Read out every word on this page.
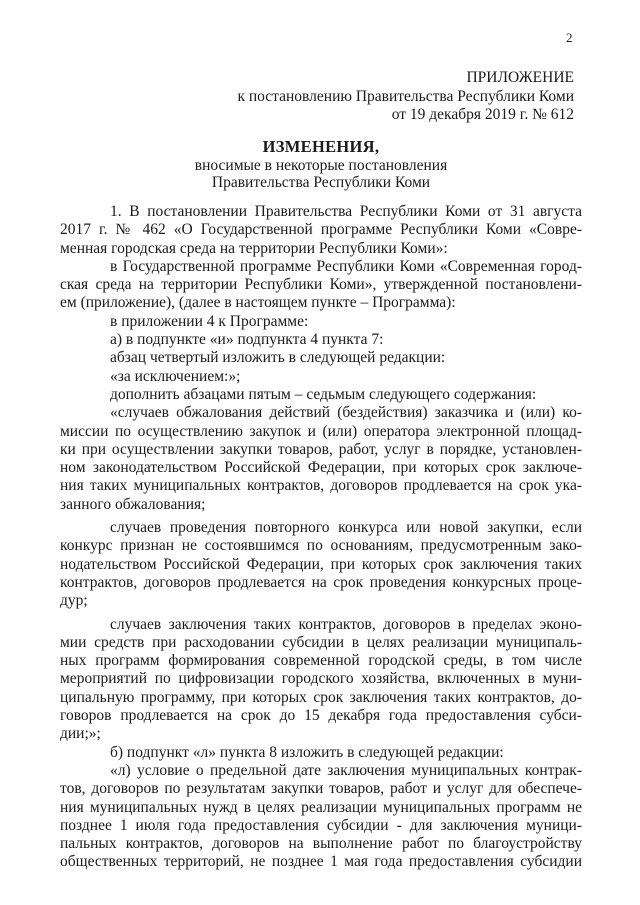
2
ПРИЛОЖЕНИЕ
к постановлению Правительства Республики Коми
от 19 декабря 2019 г. № 612
ИЗМЕНЕНИЯ,
вносимые в некоторые постановления
Правительства Республики Коми
1. В постановлении Правительства Республики Коми от 31 августа
2017 г. № 462 «О Государственной программе Республики Коми «Совре-
менная городская среда на территории Республики Коми»:
в Государственной программе Республики Коми «Современная город-
ская среда на территории Республики Коми», утвержденной постановлени-
ем (приложение), (далее в настоящем пункте – Программа):
в приложении 4 к Программе:
а) в подпункте «и» подпункта 4 пункта 7:
абзац четвертый изложить в следующей редакции:
«за исключением:»;
дополнить абзацами пятым – седьмым следующего содержания:
«случаев обжалования действий (бездействия) заказчика и (или) ко-
миссии по осуществлению закупок и (или) оператора электронной площад-
ки при осуществлении закупки товаров, работ, услуг в порядке, установлен-
ном законодательством Российской Федерации, при которых срок заключе-
ния таких муниципальных контрактов, договоров продлевается на срок ука-
занного обжалования;
случаев проведения повторного конкурса или новой закупки, если
конкурс признан не состоявшимся по основаниям, предусмотренным зако-
нодательством Российской Федерации, при которых срок заключения таких
контрактов, договоров продлевается на срок проведения конкурсных проце-
дур;
случаев заключения таких контрактов, договоров в пределах эконо-
мии средств при расходовании субсидии в целях реализации муниципаль-
ных программ формирования современной городской среды, в том числе
мероприятий по цифровизации городского хозяйства, включенных в муни-
ципальную программу, при которых срок заключения таких контрактов, до-
говоров продлевается на срок до 15 декабря года предоставления субси-
дии;»;
б) подпункт «л» пункта 8 изложить в следующей редакции:
«л) условие о предельной дате заключения муниципальных контрак-
тов, договоров по результатам закупки товаров, работ и услуг для обеспече-
ния муниципальных нужд в целях реализации муниципальных программ не
позднее 1 июля года предоставления субсидии - для заключения муници-
пальных контрактов, договоров на выполнение работ по благоустройству
общественных территорий, не позднее 1 мая года предоставления субсидии
